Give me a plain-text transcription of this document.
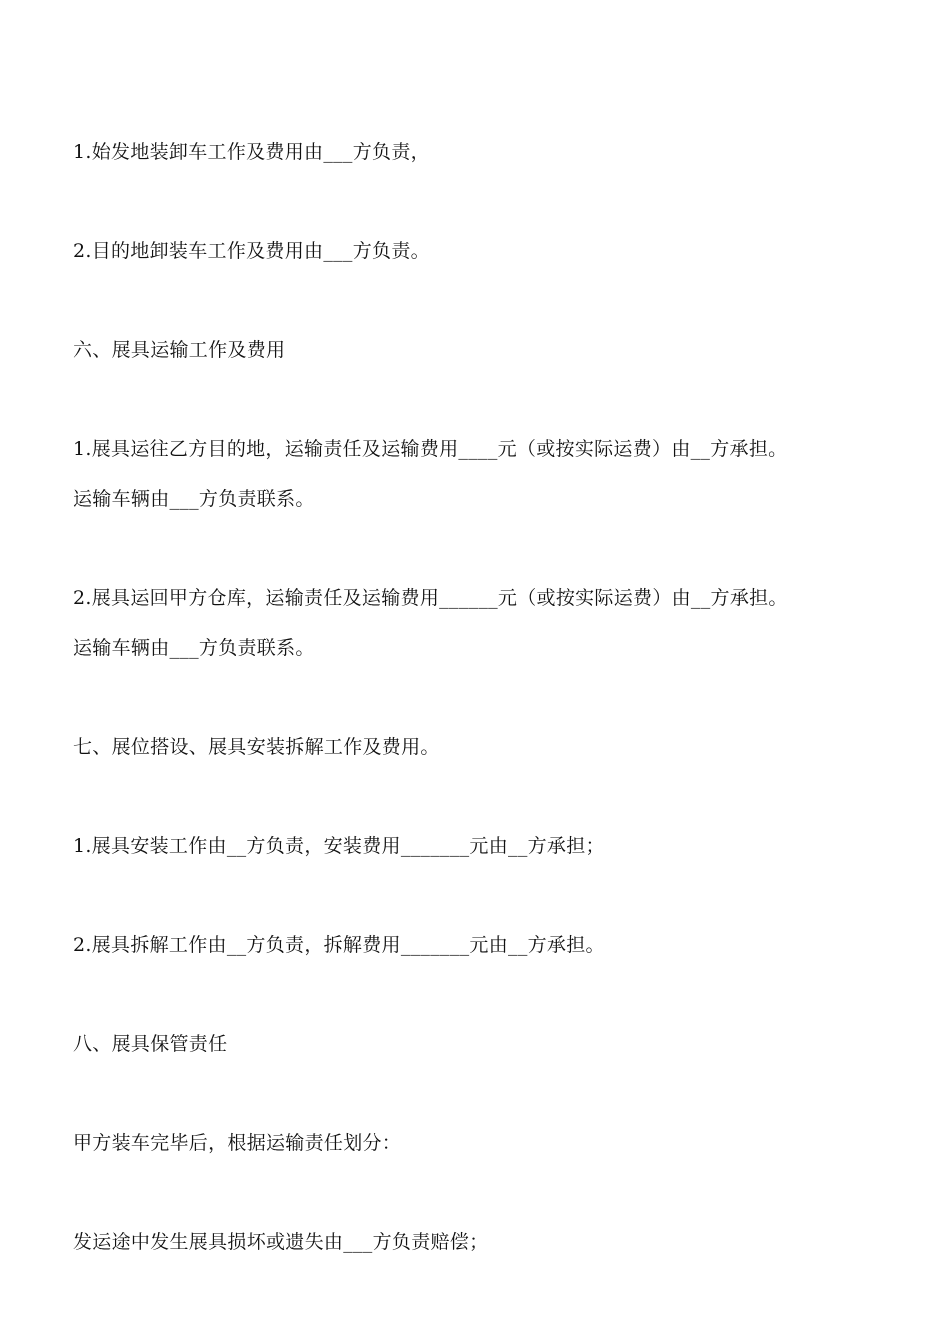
1.始发地装卸车工作及费用由___方负责，
2.目的地卸装车工作及费用由___方负责。
六、展具运输工作及费用
1.展具运往乙方目的地，运输责任及运输费用____元（或按实际运费）由__方承担。
运输车辆由___方负责联系。
2.展具运回甲方仓库，运输责任及运输费用______元（或按实际运费）由__方承担。
运输车辆由___方负责联系。
七、展位搭设、展具安装拆解工作及费用。
1.展具安装工作由__方负责，安装费用_______元由__方承担；
2.展具拆解工作由__方负责，拆解费用_______元由__方承担。
八、展具保管责任
甲方装车完毕后，根据运输责任划分：
发运途中发生展具损坏或遗失由___方负责赔偿；
